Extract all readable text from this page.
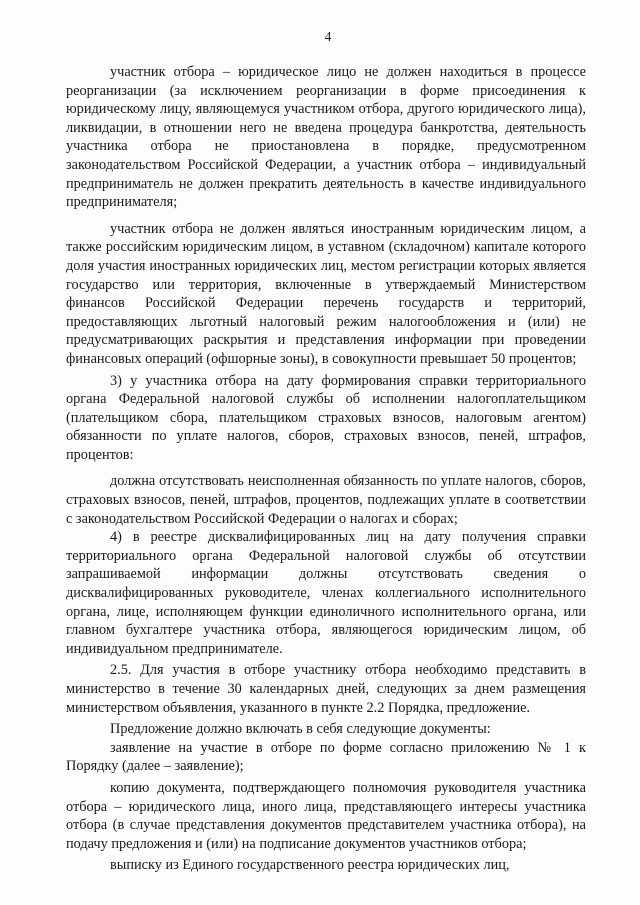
4

участник отбора – юридическое лицо не должен находиться в процессе реорганизации (за исключением реорганизации в форме присоединения к юридическому лицу, являющемуся участником отбора, другого юридического лица), ликвидации, в отношении него не введена процедура банкротства, деятельность участника отбора не приостановлена в порядке, предусмотренном законодательством Российской Федерации, а участник отбора – индивидуальный предприниматель не должен прекратить деятельность в качестве индивидуального предпринимателя;

участник отбора не должен являться иностранным юридическим лицом, а также российским юридическим лицом, в уставном (складочном) капитале которого доля участия иностранных юридических лиц, местом регистрации которых является государство или территория, включенные в утверждаемый Министерством финансов Российской Федерации перечень государств и территорий, предоставляющих льготный налоговый режим налогообложения и (или) не предусматривающих раскрытия и представления информации при проведении финансовых операций (офшорные зоны), в совокупности превышает 50 процентов;

3) у участника отбора на дату формирования справки территориального органа Федеральной налоговой службы об исполнении налогоплательщиком (плательщиком сбора, плательщиком страховых взносов, налоговым агентом) обязанности по уплате налогов, сборов, страховых взносов, пеней, штрафов, процентов:

должна отсутствовать неисполненная обязанность по уплате налогов, сборов, страховых взносов, пеней, штрафов, процентов, подлежащих уплате в соответствии с законодательством Российской Федерации о налогах и сборах;

4) в реестре дисквалифицированных лиц на дату получения справки территориального органа Федеральной налоговой службы об отсутствии запрашиваемой информации должны отсутствовать сведения о дисквалифицированных руководителе, членах коллегиального исполнительного органа, лице, исполняющем функции единоличного исполнительного органа, или главном бухгалтере участника отбора, являющегося юридическим лицом, об индивидуальном предпринимателе.

2.5. Для участия в отборе участнику отбора необходимо представить в министерство в течение 30 календарных дней, следующих за днем размещения министерством объявления, указанного в пункте 2.2 Порядка, предложение.

Предложение должно включать в себя следующие документы:

заявление на участие в отборе по форме согласно приложению № 1 к Порядку (далее – заявление);

копию документа, подтверждающего полномочия руководителя участника отбора – юридического лица, иного лица, представляющего интересы участника отбора (в случае представления документов представителем участника отбора), на подачу предложения и (или) на подписание документов участников отбора;

выписку из Единого государственного реестра юридических лиц,
